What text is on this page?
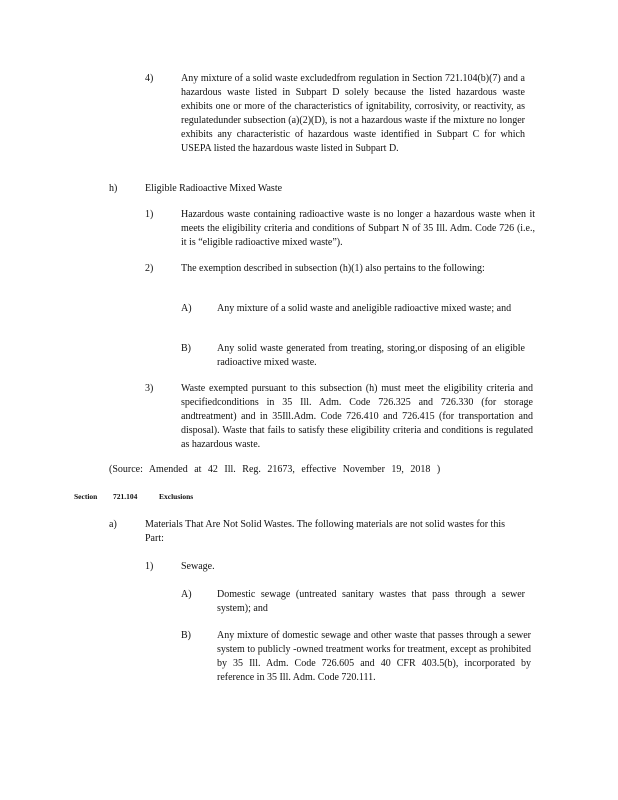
4)	Any mixture of a solid waste excludedfrom regulation in Section 721.104(b)(7) and a hazardous waste listed in Subpart D solely because the listed hazardous waste exhibits one or more of the characteristics of ignitability, corrosivity, or reactivity, as regulatedunder subsection (a)(2)(D), is not a hazardous waste if the mixture no longer exhibits any characteristic of hazardous waste identified in Subpart C for which USEPA listed the hazardous waste listed in Subpart D.
h)	Eligible Radioactive Mixed Waste
1)	Hazardous waste containing radioactive waste is no longer a hazardous waste when it meets the eligibility criteria and conditions of Subpart N of 35 Ill. Adm. Code 726 (i.e., it is “eligible radioactive mixed waste”).
2)	The exemption described in subsection (h)(1) also pertains to the following:
A)	Any mixture of a solid waste and aneligible radioactive mixed waste; and
B)	Any solid waste generated from treating, storing,or disposing of an eligible radioactive mixed waste.
3)	Waste exempted pursuant to this subsection (h) must meet the eligibility criteria and specifiedconditions in 35 Ill. Adm. Code 726.325 and 726.330 (for storage andtreatment) and in 35Ill.Adm. Code 726.410 and 726.415 (for transportation and disposal). Waste that fails to satisfy these eligibility criteria and conditions is regulated as hazardous waste.
(Source: Amended at 42 Ill. Reg. 21673, effective November 19, 2018 )
Section 721.104	Exclusions
a)	Materials That Are Not Solid Wastes. The following materials are not solid wastes for this Part:
1)	Sewage.
A)	Domestic sewage (untreated sanitary wastes that pass through a sewer system); and
B)	Any mixture of domestic sewage and other waste that passes through a sewer system to publicly -owned treatment works for treatment, except as prohibited by 35 Ill. Adm. Code 726.605 and 40 CFR 403.5(b), incorporated by reference in 35 Ill. Adm. Code 720.111.
